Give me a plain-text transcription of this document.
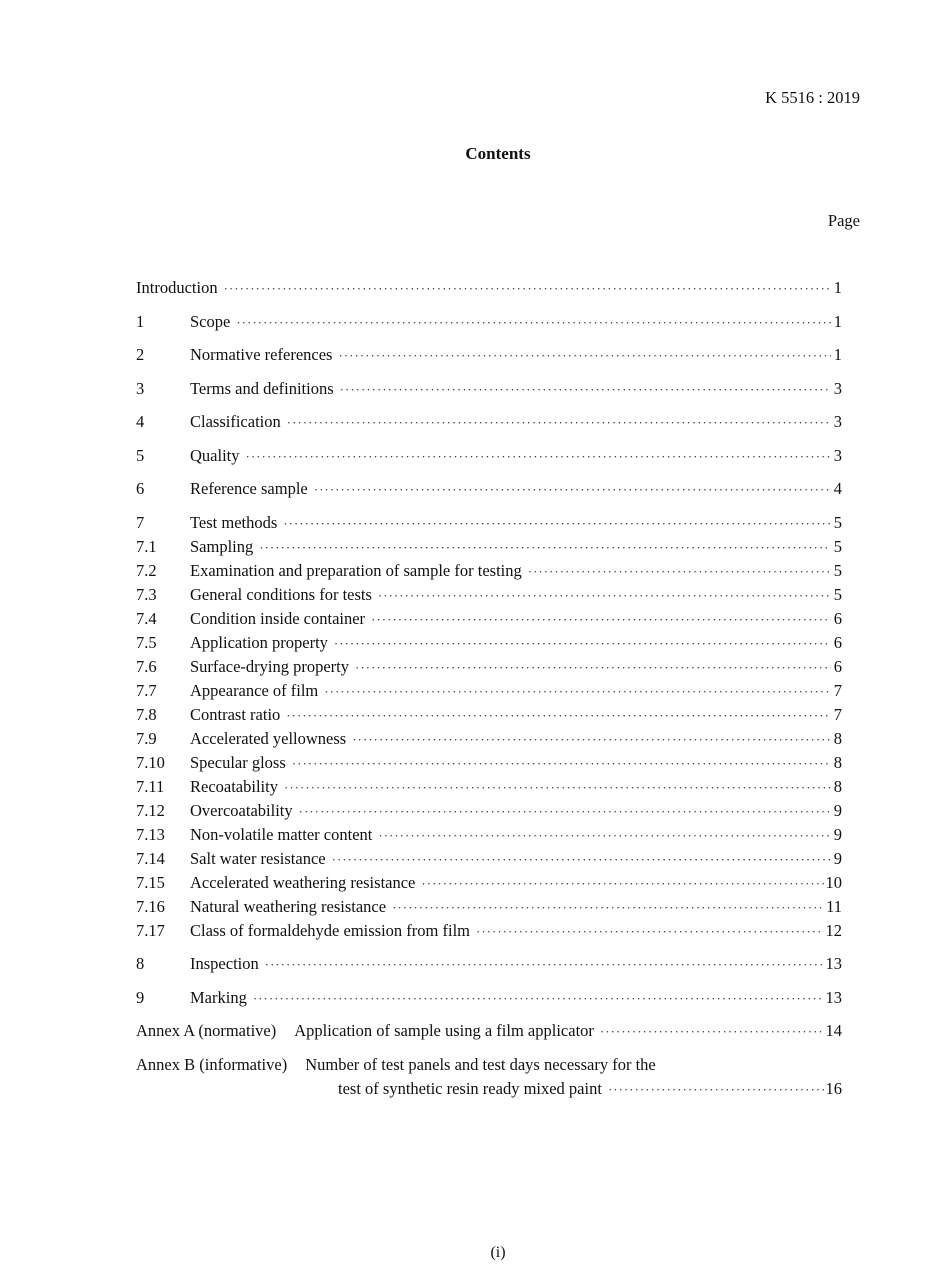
K 5516 : 2019
Contents
Page
Introduction ·····	1
1	Scope ·····	1
2	Normative references ·····	1
3	Terms and definitions ·····	3
4	Classification ·····	3
5	Quality ·····	3
6	Reference sample ·····	4
7	Test methods ·····	5
7.1	Sampling ·····	5
7.2	Examination and preparation of sample for testing ·····	5
7.3	General conditions for tests ·····	5
7.4	Condition inside container ·····	6
7.5	Application property ·····	6
7.6	Surface-drying property ·····	6
7.7	Appearance of film ·····	7
7.8	Contrast ratio ·····	7
7.9	Accelerated yellowness ·····	8
7.10	Specular gloss ·····	8
7.11	Recoatability ·····	8
7.12	Overcoatability ·····	9
7.13	Non-volatile matter content ·····	9
7.14	Salt water resistance ·····	9
7.15	Accelerated weathering resistance ·····	10
7.16	Natural weathering resistance ·····	11
7.17	Class of formaldehyde emission from film ·····	12
8	Inspection ·····	13
9	Marking ·····	13
Annex A (normative) Application of sample using a film applicator ·····	14
Annex B (informative) Number of test panels and test days necessary for the
test of synthetic resin ready mixed paint ·····	16
(i)
